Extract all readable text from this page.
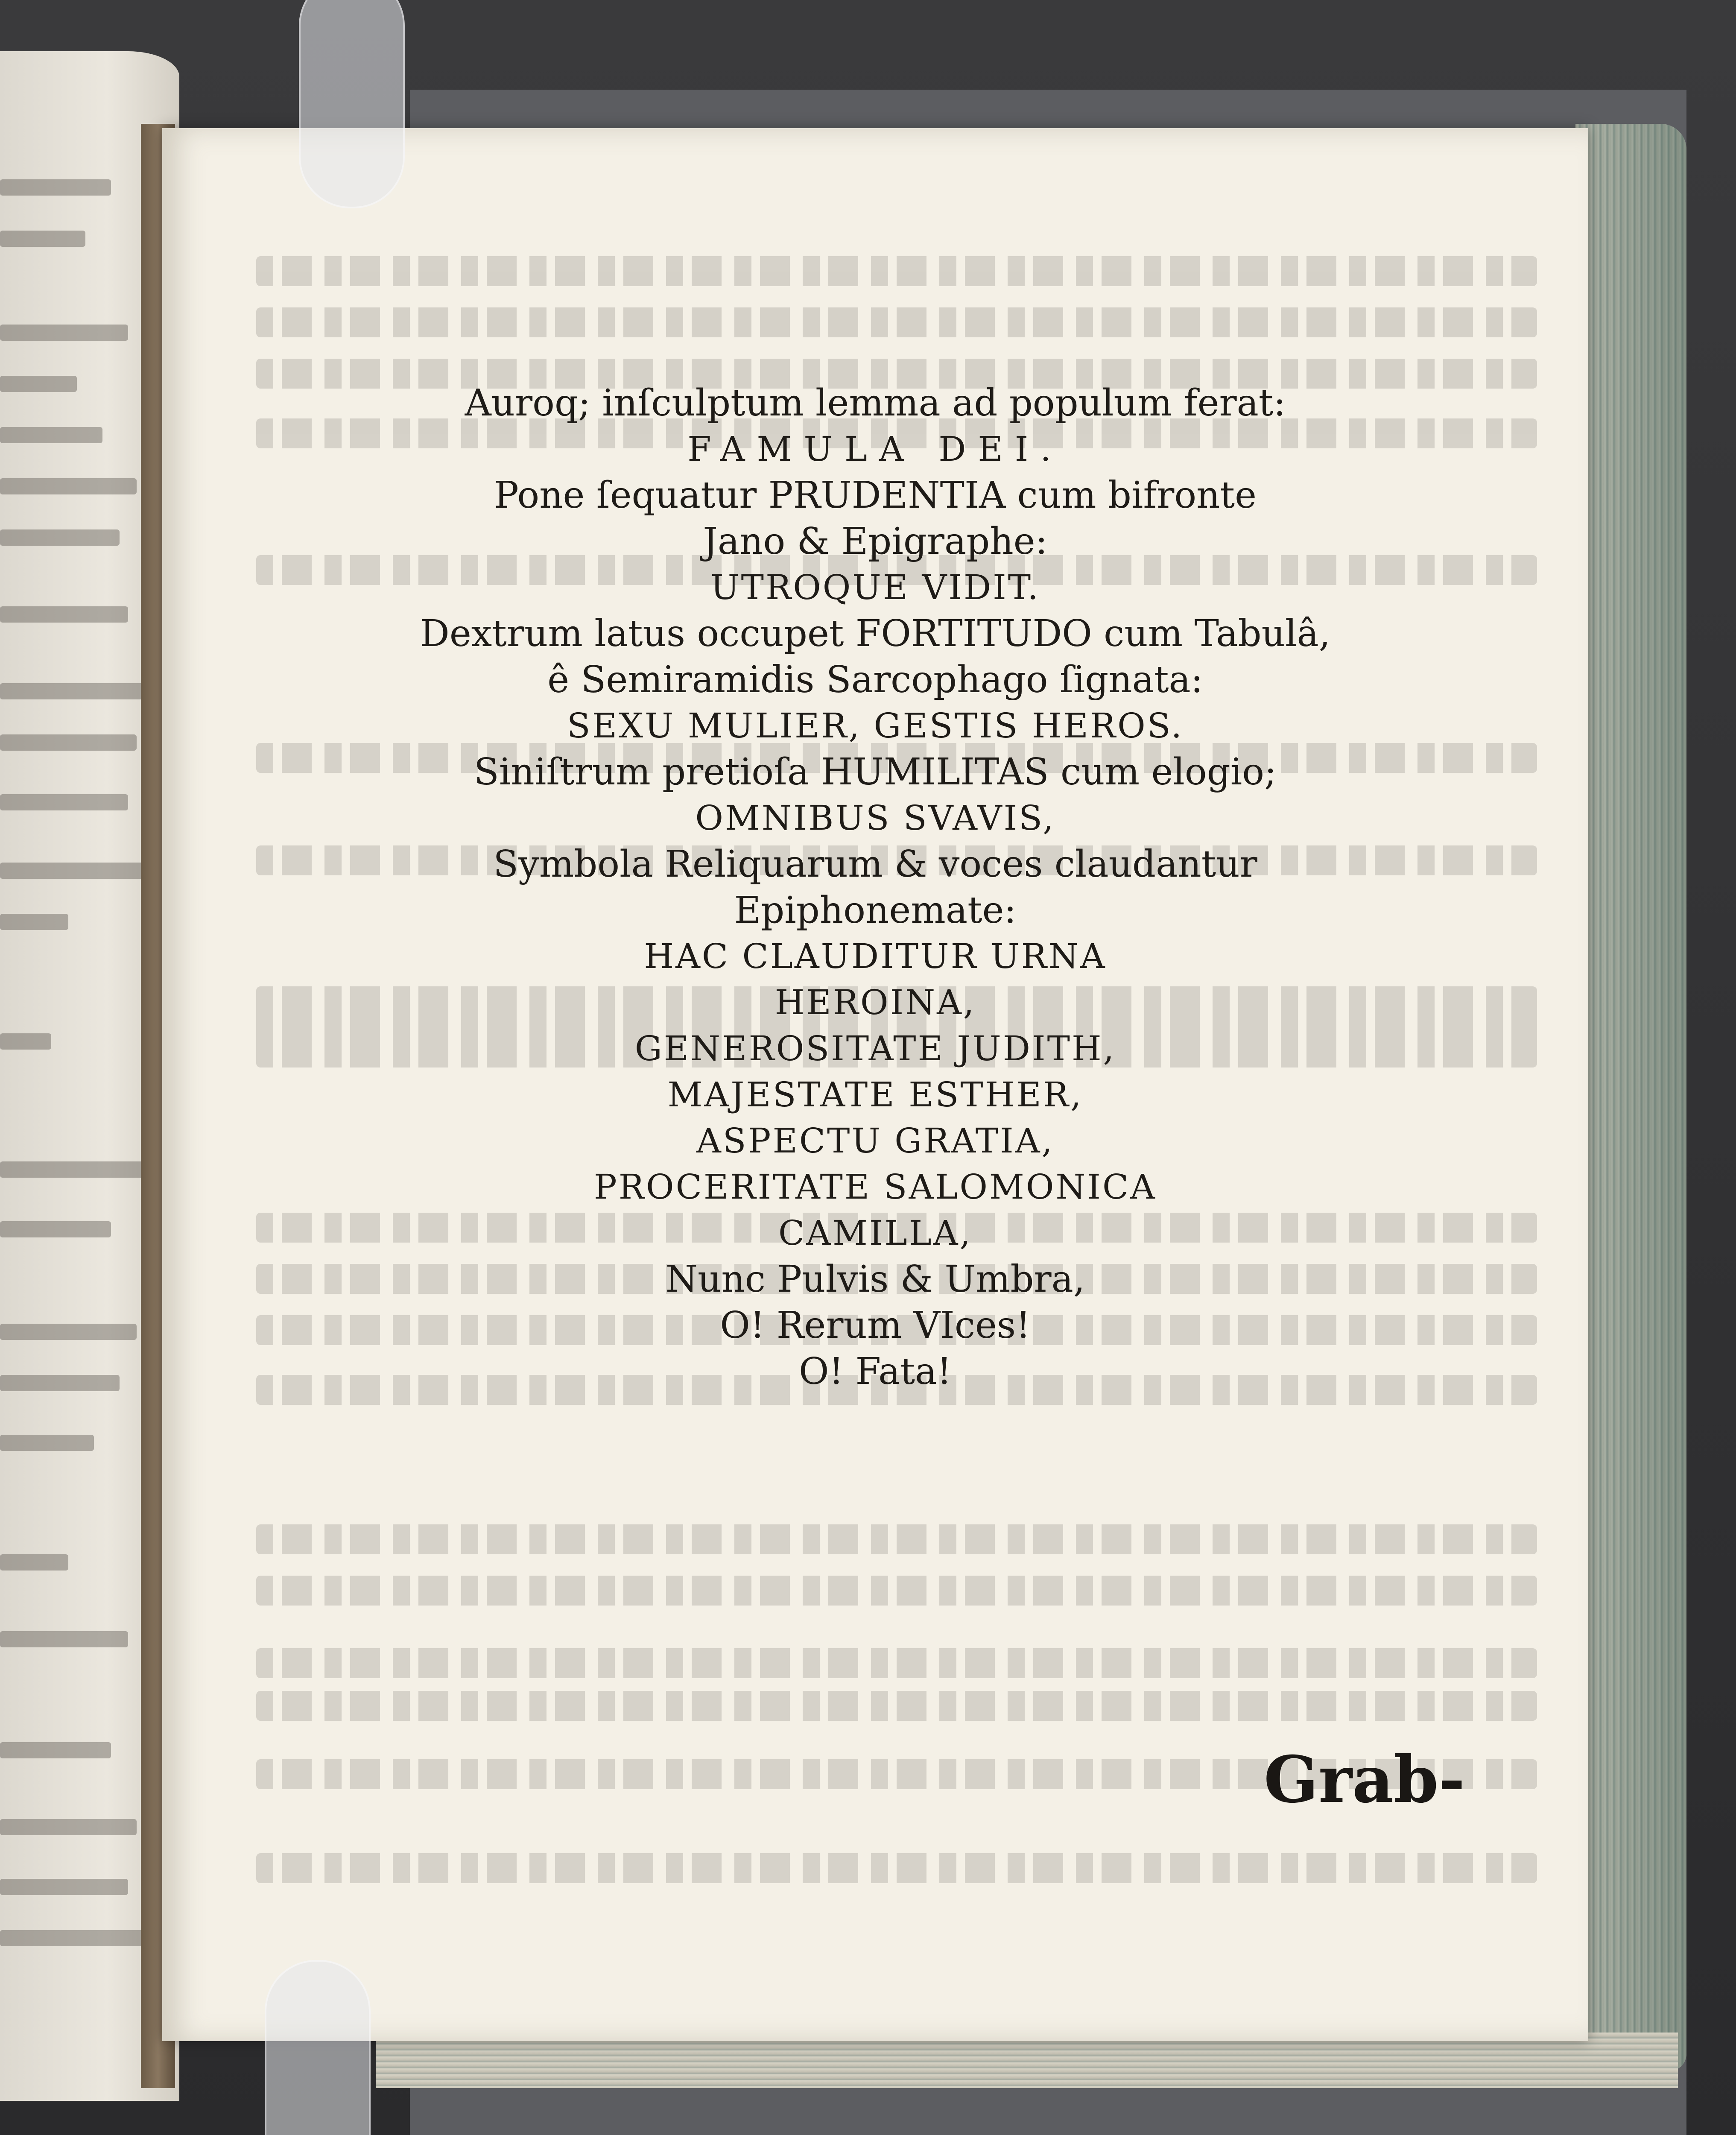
Auroq; inſculptum lemma ad populum ferat:
FAMULA DEI.
Pone ſequatur PRUDENTIA cum bifronte
Jano & Epigraphe:
UTROQUE VIDIT.
Dextrum latus occupet FORTITUDO cum Tabulâ,
ê Semiramidis Sarcophago ſignata:
SEXU MULIER, GESTIS HEROS.
Siniſtrum pretioſa HUMILITAS cum elogio;
OMNIBUS SVAVIS,
Symbola Reliquarum & voces claudantur
Epiphonemate:
HAC CLAUDITUR URNA
HEROINA,
GENEROSITATE JUDITH,
MAJESTATE ESTHER,
ASPECTU GRATIA,
PROCERITATE SALOMONICA
CAMILLA,
Nunc Pulvis & Umbra,
O! Rerum VIces!
O! Fata!
Grab-
